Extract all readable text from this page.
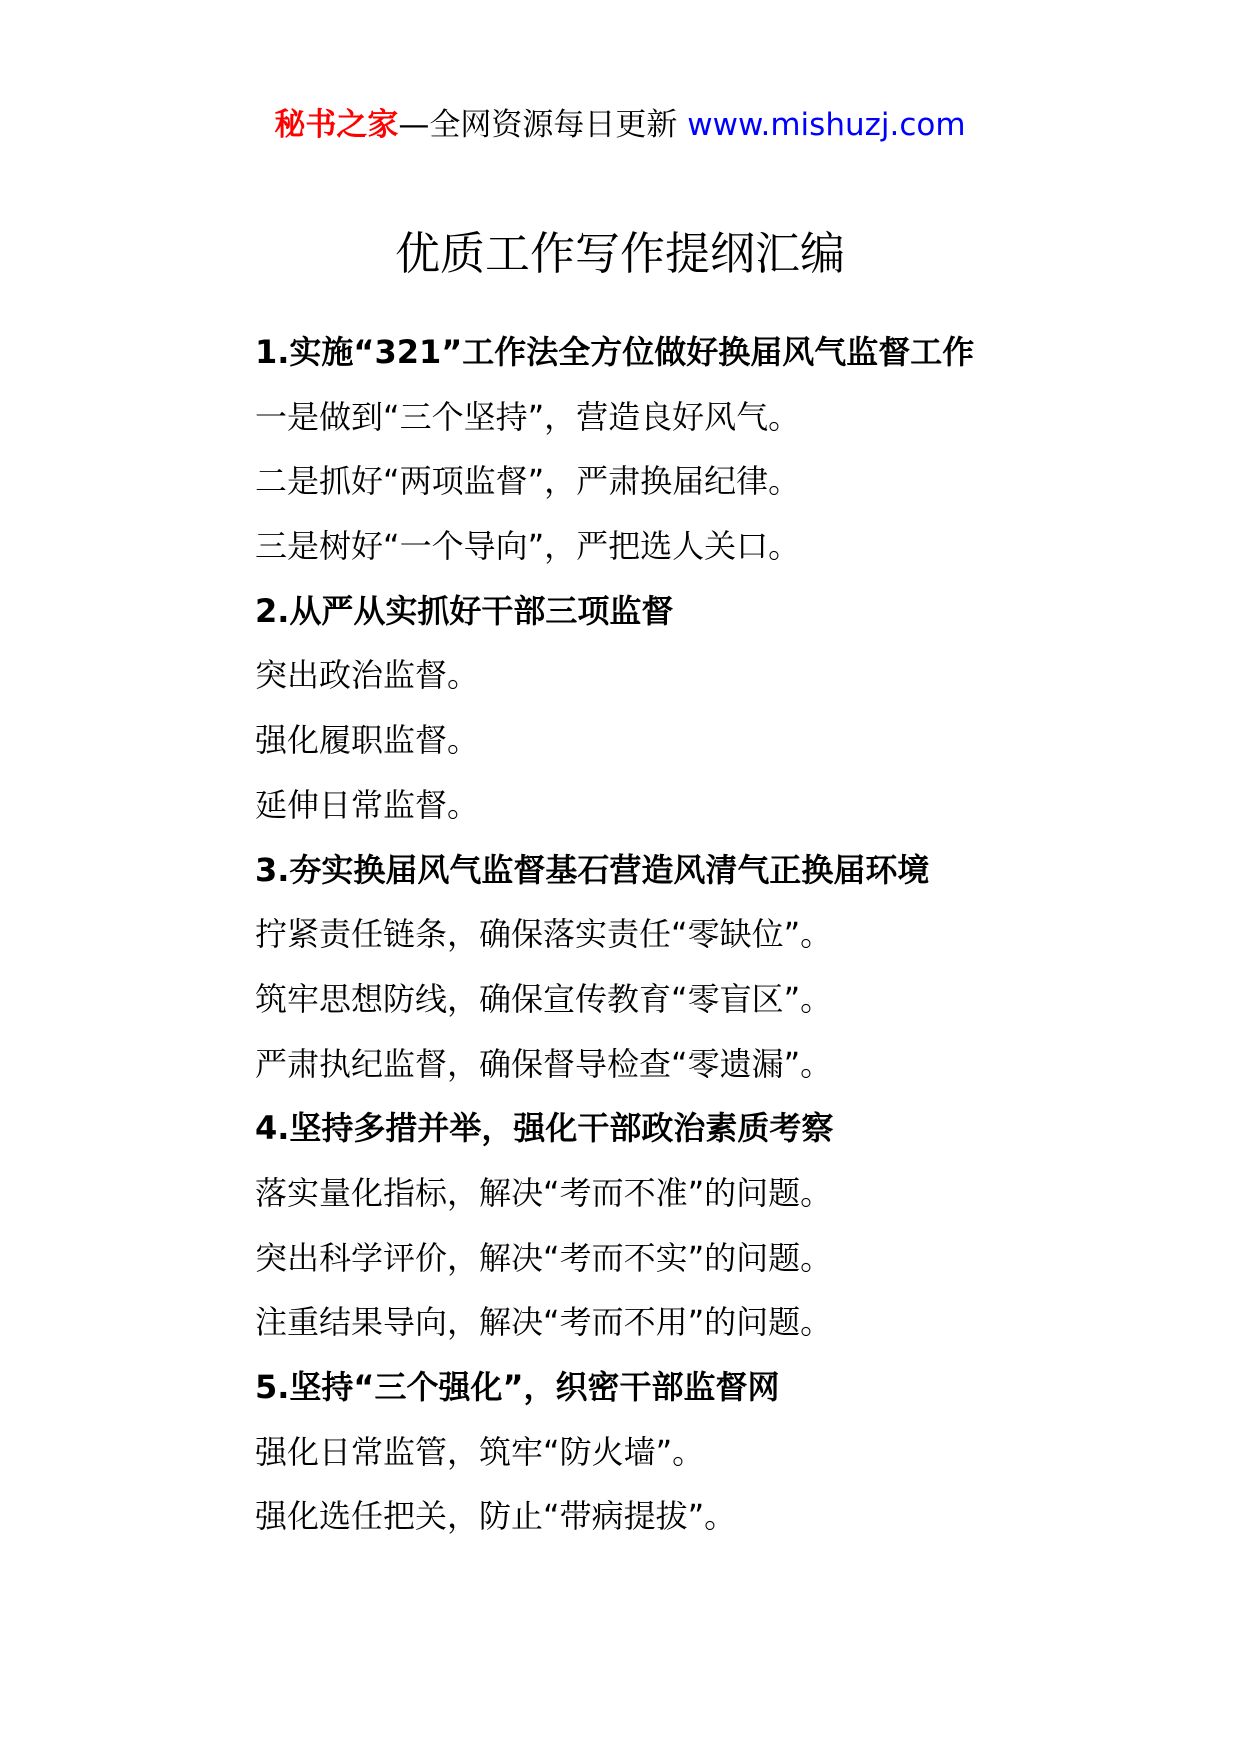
秘书之家—全网资源每日更新 www.mishuzj.com
优质工作写作提纲汇编
1.实施“321”工作法全方位做好换届风气监督工作
一是做到“三个坚持”，营造良好风气。
二是抓好“两项监督”，严肃换届纪律。
三是树好“一个导向”，严把选人关口。
2.从严从实抓好干部三项监督
突出政治监督。
强化履职监督。
延伸日常监督。
3.夯实换届风气监督基石营造风清气正换届环境
拧紧责任链条，确保落实责任“零缺位”。
筑牢思想防线，确保宣传教育“零盲区”。
严肃执纪监督，确保督导检查“零遗漏”。
4.坚持多措并举，强化干部政治素质考察
落实量化指标，解决“考而不准”的问题。
突出科学评价，解决“考而不实”的问题。
注重结果导向，解决“考而不用”的问题。
5.坚持“三个强化”，织密干部监督网
强化日常监管，筑牢“防火墙”。
强化选任把关，防止“带病提拔”。
